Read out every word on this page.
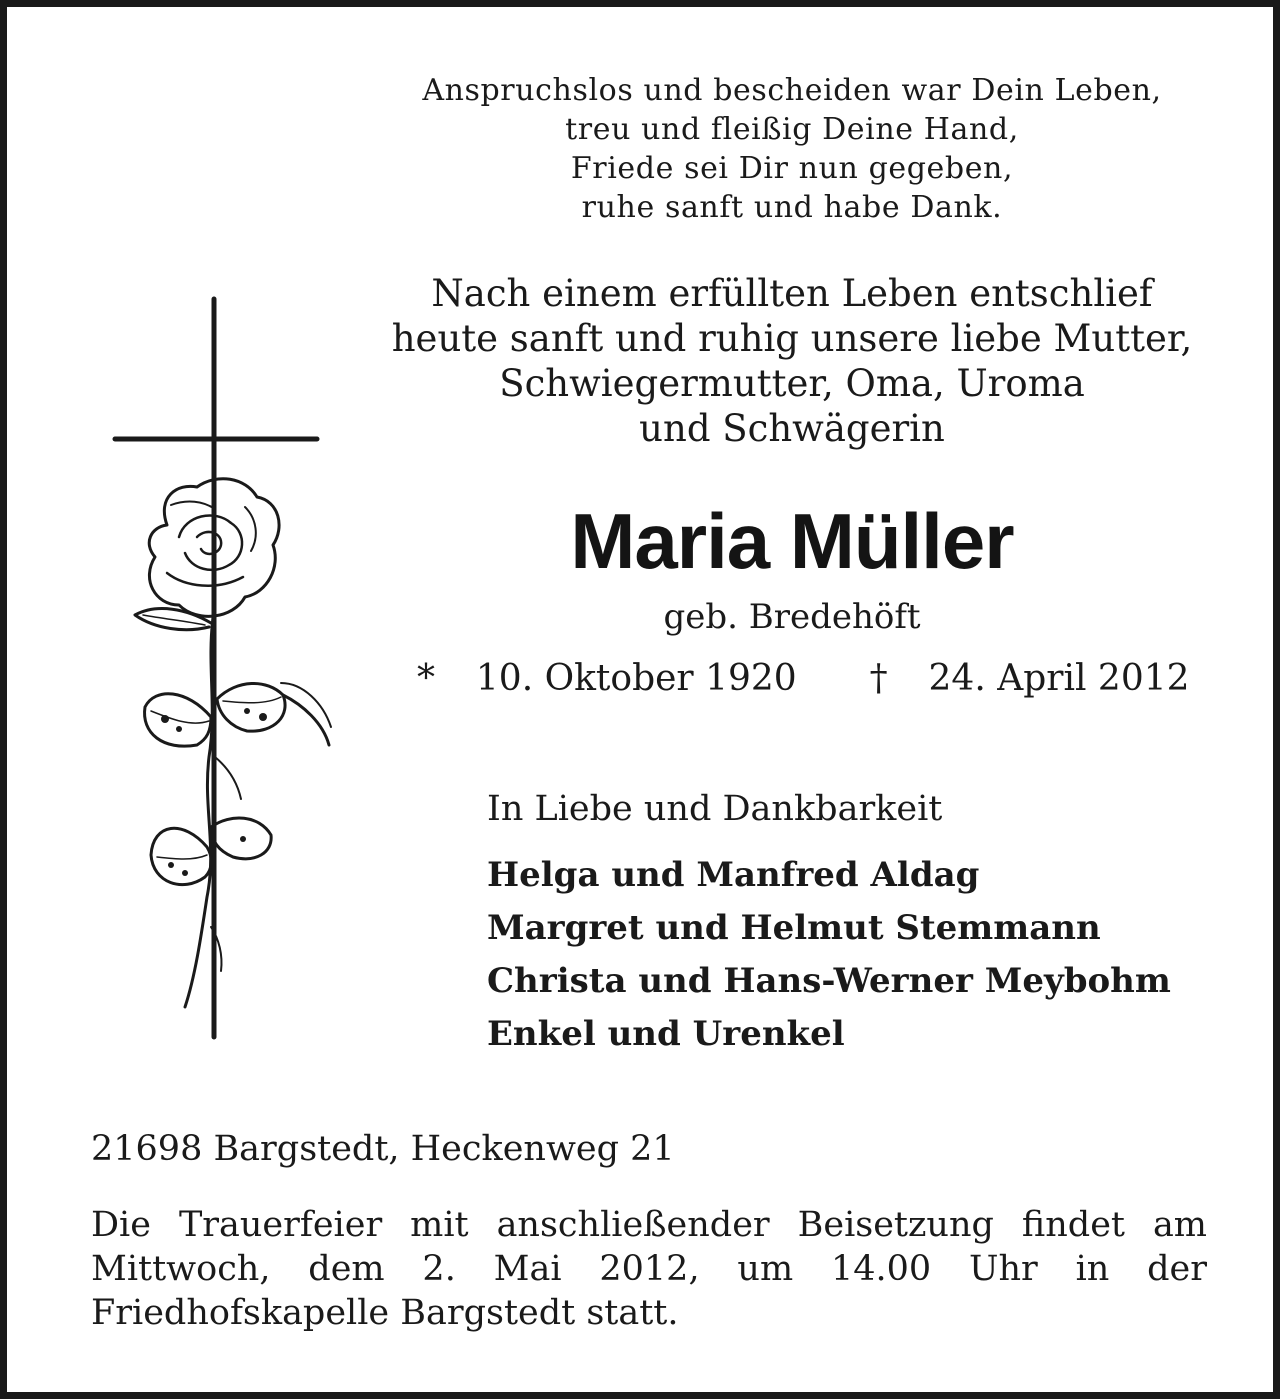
Anspruchslos und bescheiden war Dein Leben,
treu und fleißig Deine Hand,
Friede sei Dir nun gegeben,
ruhe sanft und habe Dank.
Nach einem erfüllten Leben entschlief
heute sanft und ruhig unsere liebe Mutter,
Schwiegermutter, Oma, Uroma
und Schwägerin
Maria Müller
geb. Bredehöft
* 10. Oktober 1920 † 24. April 2012
In Liebe und Dankbarkeit
Helga und Manfred Aldag
Margret und Helmut Stemmann
Christa und Hans-Werner Meybohm
Enkel und Urenkel
21698 Bargstedt, Heckenweg 21
Die Trauerfeier mit anschließender Beisetzung findet am Mittwoch, dem 2. Mai 2012, um 14.00 Uhr in der Friedhofskapelle Bargstedt statt.
